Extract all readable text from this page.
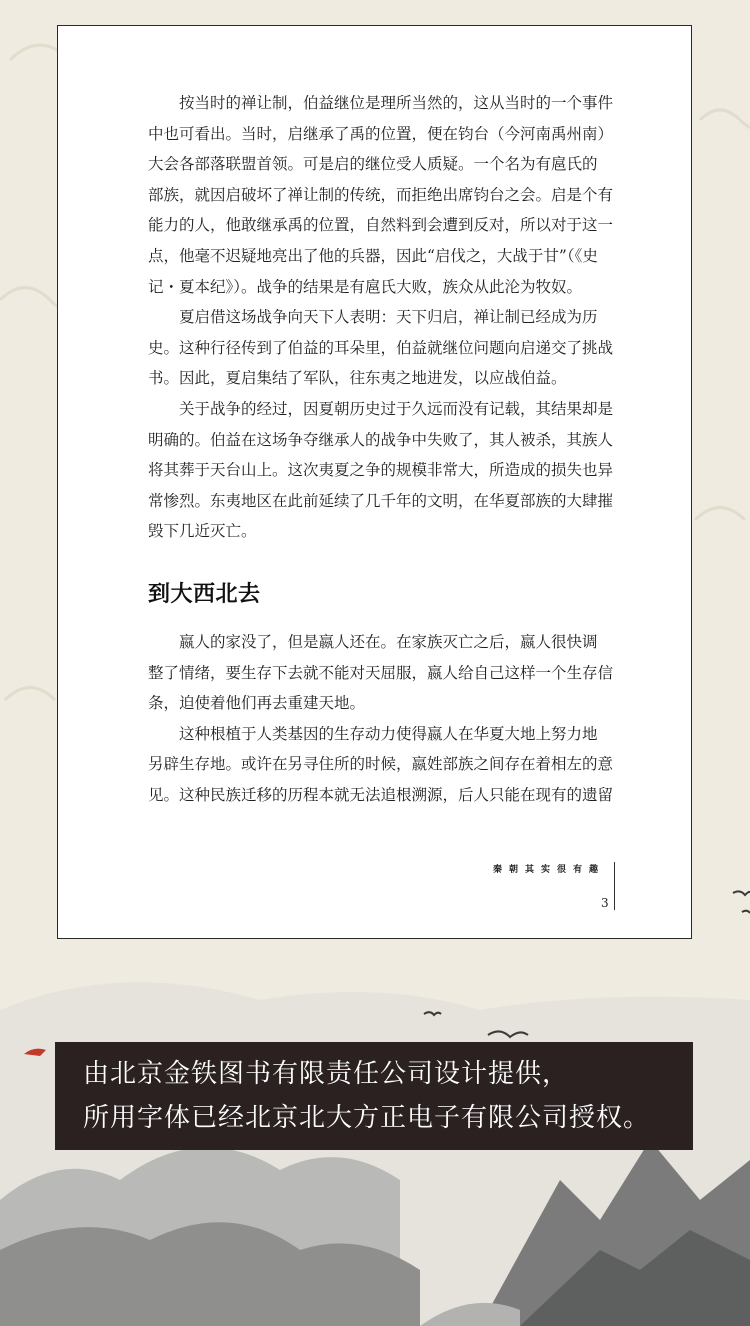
按当时的禅让制，伯益继位是理所当然的，这从当时的一个事件
中也可看出。当时，启继承了禹的位置，便在钧台（今河南禹州南）
大会各部落联盟首领。可是启的继位受人质疑。一个名为有扈氏的
部族，就因启破坏了禅让制的传统，而拒绝出席钧台之会。启是个有
能力的人，他敢继承禹的位置，自然料到会遭到反对，所以对于这一
点，他毫不迟疑地亮出了他的兵器，因此“启伐之，大战于甘”（《史
记・夏本纪》）。战争的结果是有扈氏大败，族众从此沦为牧奴。

夏启借这场战争向天下人表明：天下归启，禅让制已经成为历
史。这种行径传到了伯益的耳朵里，伯益就继位问题向启递交了挑战
书。因此，夏启集结了军队，往东夷之地进发，以应战伯益。

关于战争的经过，因夏朝历史过于久远而没有记载，其结果却是
明确的。伯益在这场争夺继承人的战争中失败了，其人被杀，其族人
将其葬于天台山上。这次夷夏之争的规模非常大，所造成的损失也异
常惨烈。东夷地区在此前延续了几千年的文明，在华夏部族的大肆摧
毁下几近灭亡。

到大西北去

嬴人的家没了，但是嬴人还在。在家族灭亡之后，嬴人很快调
整了情绪，要生存下去就不能对天屈服，嬴人给自己这样一个生存信
条，迫使着他们再去重建天地。

这种根植于人类基因的生存动力使得嬴人在华夏大地上努力地
另辟生存地。或许在另寻住所的时候，嬴姓部族之间存在着相左的意
见。这种民族迁移的历程本就无法追根溯源，后人只能在现有的遗留

秦朝其实很有趣
3
由北京金铁图书有限责任公司设计提供，
所用字体已经北京北大方正电子有限公司授权。
